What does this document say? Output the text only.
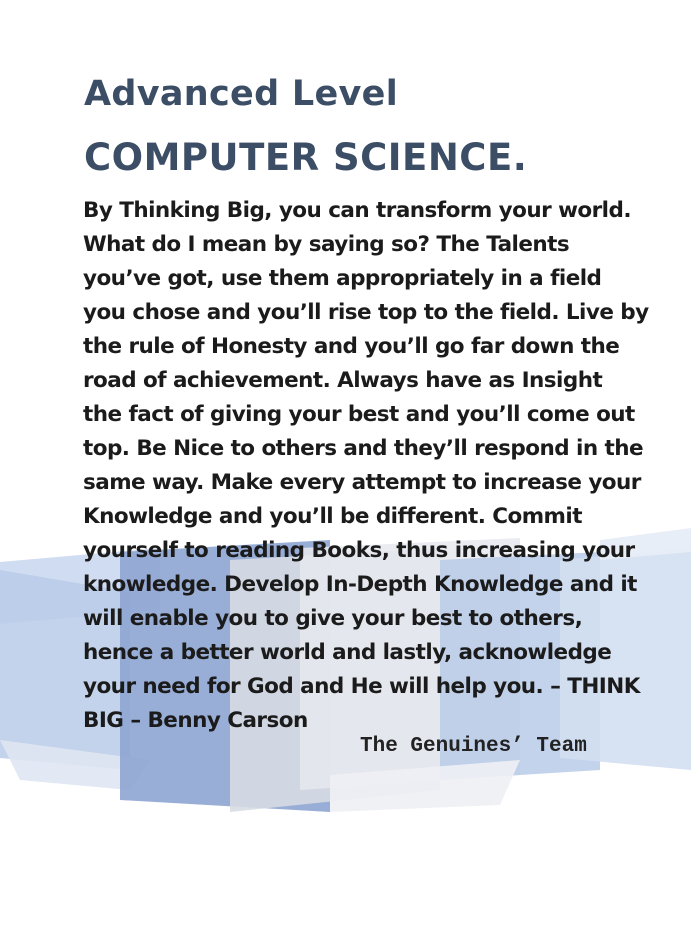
Advanced Level
COMPUTER SCIENCE.

By Thinking Big, you can transform your world.
What do I mean by saying so? The Talents
you’ve got, use them appropriately in a field
you chose and you’ll rise top to the field. Live by
the rule of Honesty and you’ll go far down the
road of achievement. Always have as Insight
the fact of giving your best and you’ll come out
top. Be Nice to others and they’ll respond in the
same way. Make every attempt to increase your
Knowledge and you’ll be different. Commit
yourself to reading Books, thus increasing your
knowledge. Develop In-Depth Knowledge and it
will enable you to give your best to others,
hence a better world and lastly, acknowledge
your need for God and He will help you. – THINK
BIG – Benny Carson

The Genuines’ Team
